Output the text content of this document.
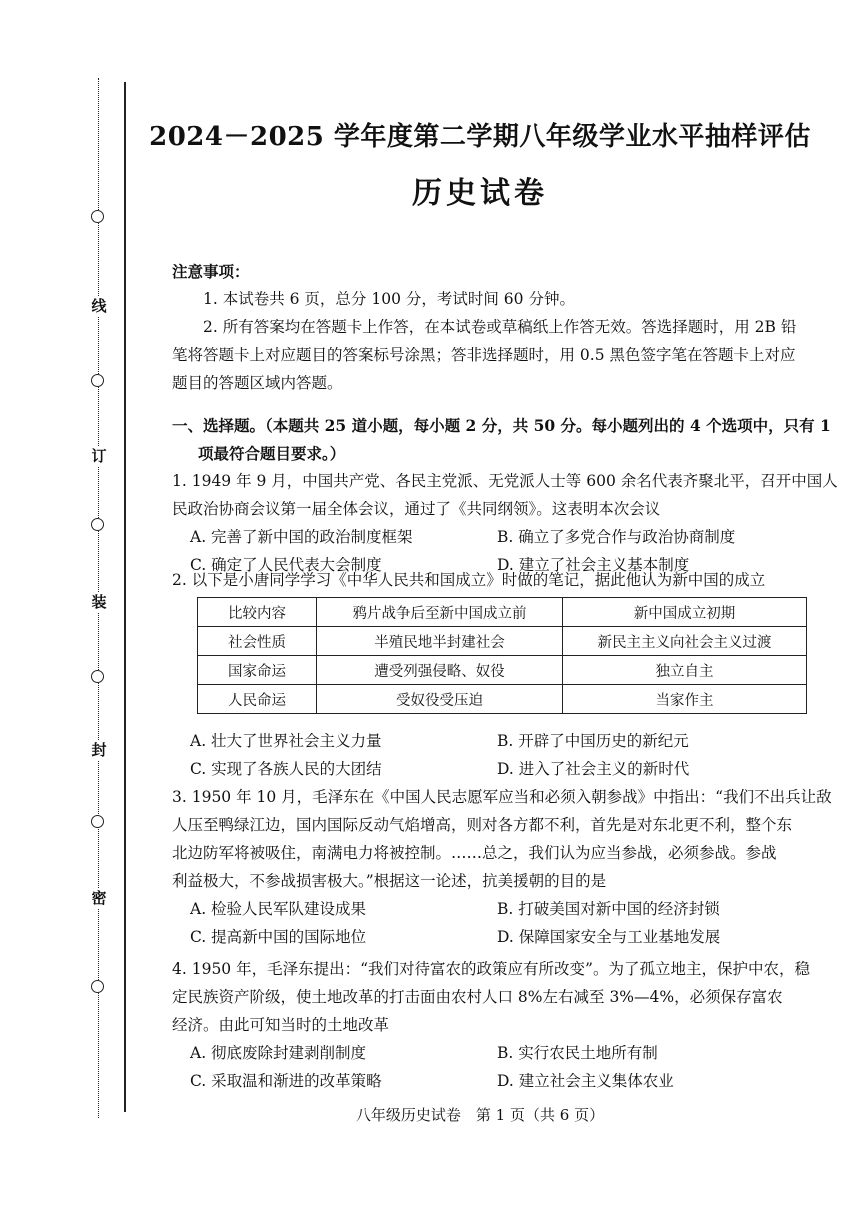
线
订
装
封
密
2024－2025 学年度第二学期八年级学业水平抽样评估
历史试卷
注意事项：
1. 本试卷共 6 页，总分 100 分，考试时间 60 分钟。
2. 所有答案均在答题卡上作答，在本试卷或草稿纸上作答无效。答选择题时，用 2B 铅
笔将答题卡上对应题目的答案标号涂黑；答非选择题时，用 0.5 黑色签字笔在答题卡上对应
题目的答题区域内答题。
一、选择题。（本题共 25 道小题，每小题 2 分，共 50 分。每小题列出的 4 个选项中，只有 1
项最符合题目要求。）
1. 1949 年 9 月，中国共产党、各民主党派、无党派人士等 600 余名代表齐聚北平，召开中国人
民政治协商会议第一届全体会议，通过了《共同纲领》。这表明本次会议
A. 完善了新中国的政治制度框架	B. 确立了多党合作与政治协商制度
C. 确定了人民代表大会制度	D. 建立了社会主义基本制度
2. 以下是小唐同学学习《中华人民共和国成立》时做的笔记，据此他认为新中国的成立
比较内容	鸦片战争后至新中国成立前	新中国成立初期
社会性质	半殖民地半封建社会	新民主主义向社会主义过渡
国家命运	遭受列强侵略、奴役	独立自主
人民命运	受奴役受压迫	当家作主
A. 壮大了世界社会主义力量	B. 开辟了中国历史的新纪元
C. 实现了各族人民的大团结	D. 进入了社会主义的新时代
3. 1950 年 10 月，毛泽东在《中国人民志愿军应当和必须入朝参战》中指出：“我们不出兵让敌
人压至鸭绿江边，国内国际反动气焰增高，则对各方都不利，首先是对东北更不利，整个东
北边防军将被吸住，南满电力将被控制。……总之，我们认为应当参战，必须参战。参战
利益极大，不参战损害极大。”根据这一论述，抗美援朝的目的是
A. 检验人民军队建设成果	B. 打破美国对新中国的经济封锁
C. 提高新中国的国际地位	D. 保障国家安全与工业基地发展
4. 1950 年，毛泽东提出：“我们对待富农的政策应有所改变”。为了孤立地主，保护中农，稳
定民族资产阶级，使土地改革的打击面由农村人口 8%左右减至 3%—4%，必须保存富农
经济。由此可知当时的土地改革
A. 彻底废除封建剥削制度	B. 实行农民土地所有制
C. 采取温和渐进的改革策略	D. 建立社会主义集体农业
八年级历史试卷　第 1 页（共 6 页）
